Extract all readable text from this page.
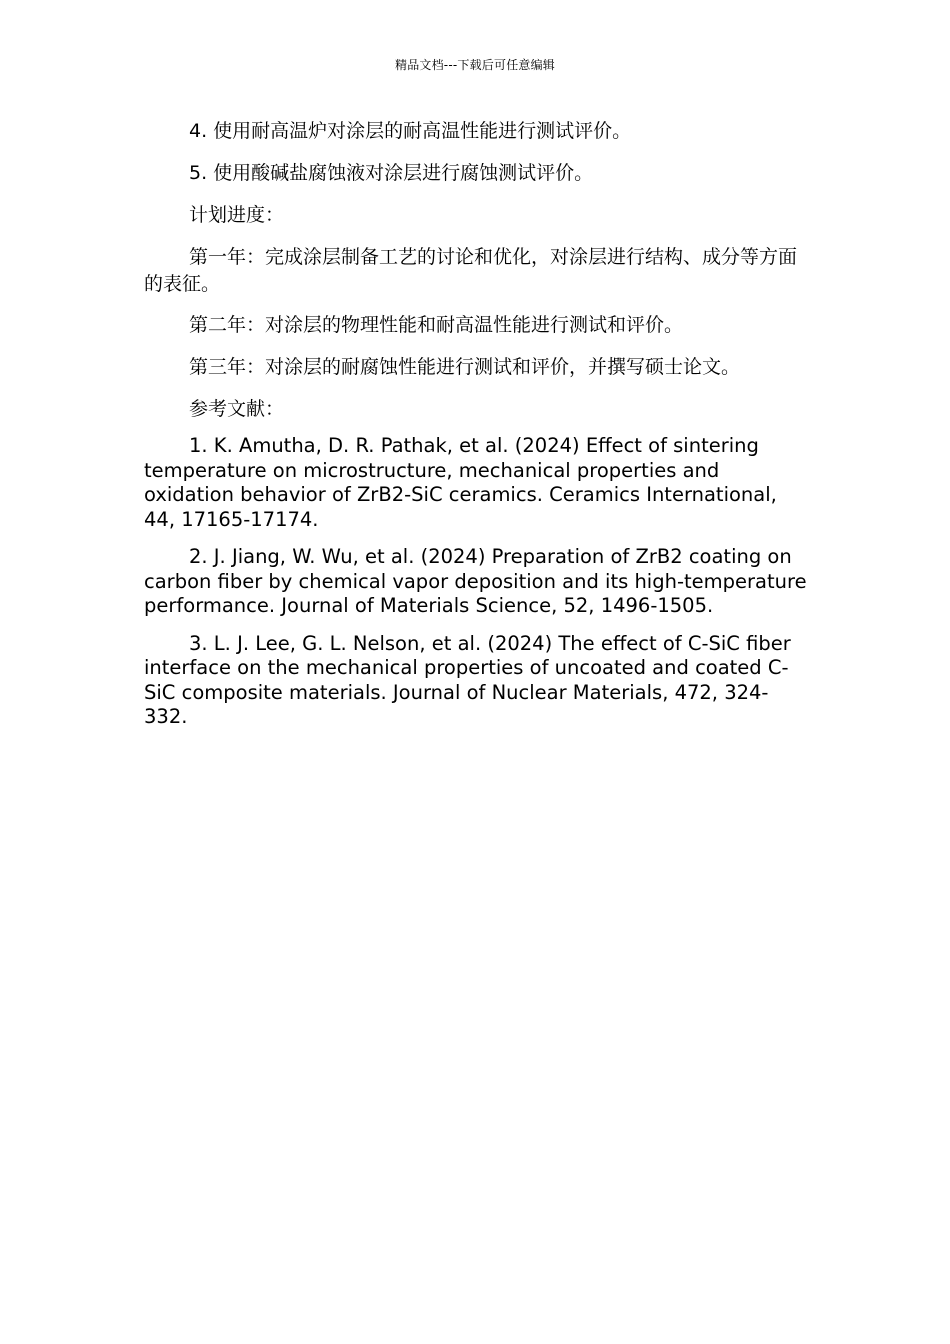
精品文档---下载后可任意编辑

4. 使用耐高温炉对涂层的耐高温性能进行测试评价。

5. 使用酸碱盐腐蚀液对涂层进行腐蚀测试评价。

计划进度：

第一年：完成涂层制备工艺的讨论和优化，对涂层进行结构、成分等方面的表征。

第二年：对涂层的物理性能和耐高温性能进行测试和评价。

第三年：对涂层的耐腐蚀性能进行测试和评价，并撰写硕士论文。

参考文献：

1. K. Amutha, D. R. Pathak, et al. (2024) Effect of sintering temperature on microstructure, mechanical properties and oxidation behavior of ZrB2-SiC ceramics. Ceramics International, 44, 17165-17174.

2. J. Jiang, W. Wu, et al. (2024) Preparation of ZrB2 coating on carbon fiber by chemical vapor deposition and its high-temperature performance. Journal of Materials Science, 52, 1496-1505.

3. L. J. Lee, G. L. Nelson, et al. (2024) The effect of C-SiC fiber interface on the mechanical properties of uncoated and coated C-SiC composite materials. Journal of Nuclear Materials, 472, 324-332.
